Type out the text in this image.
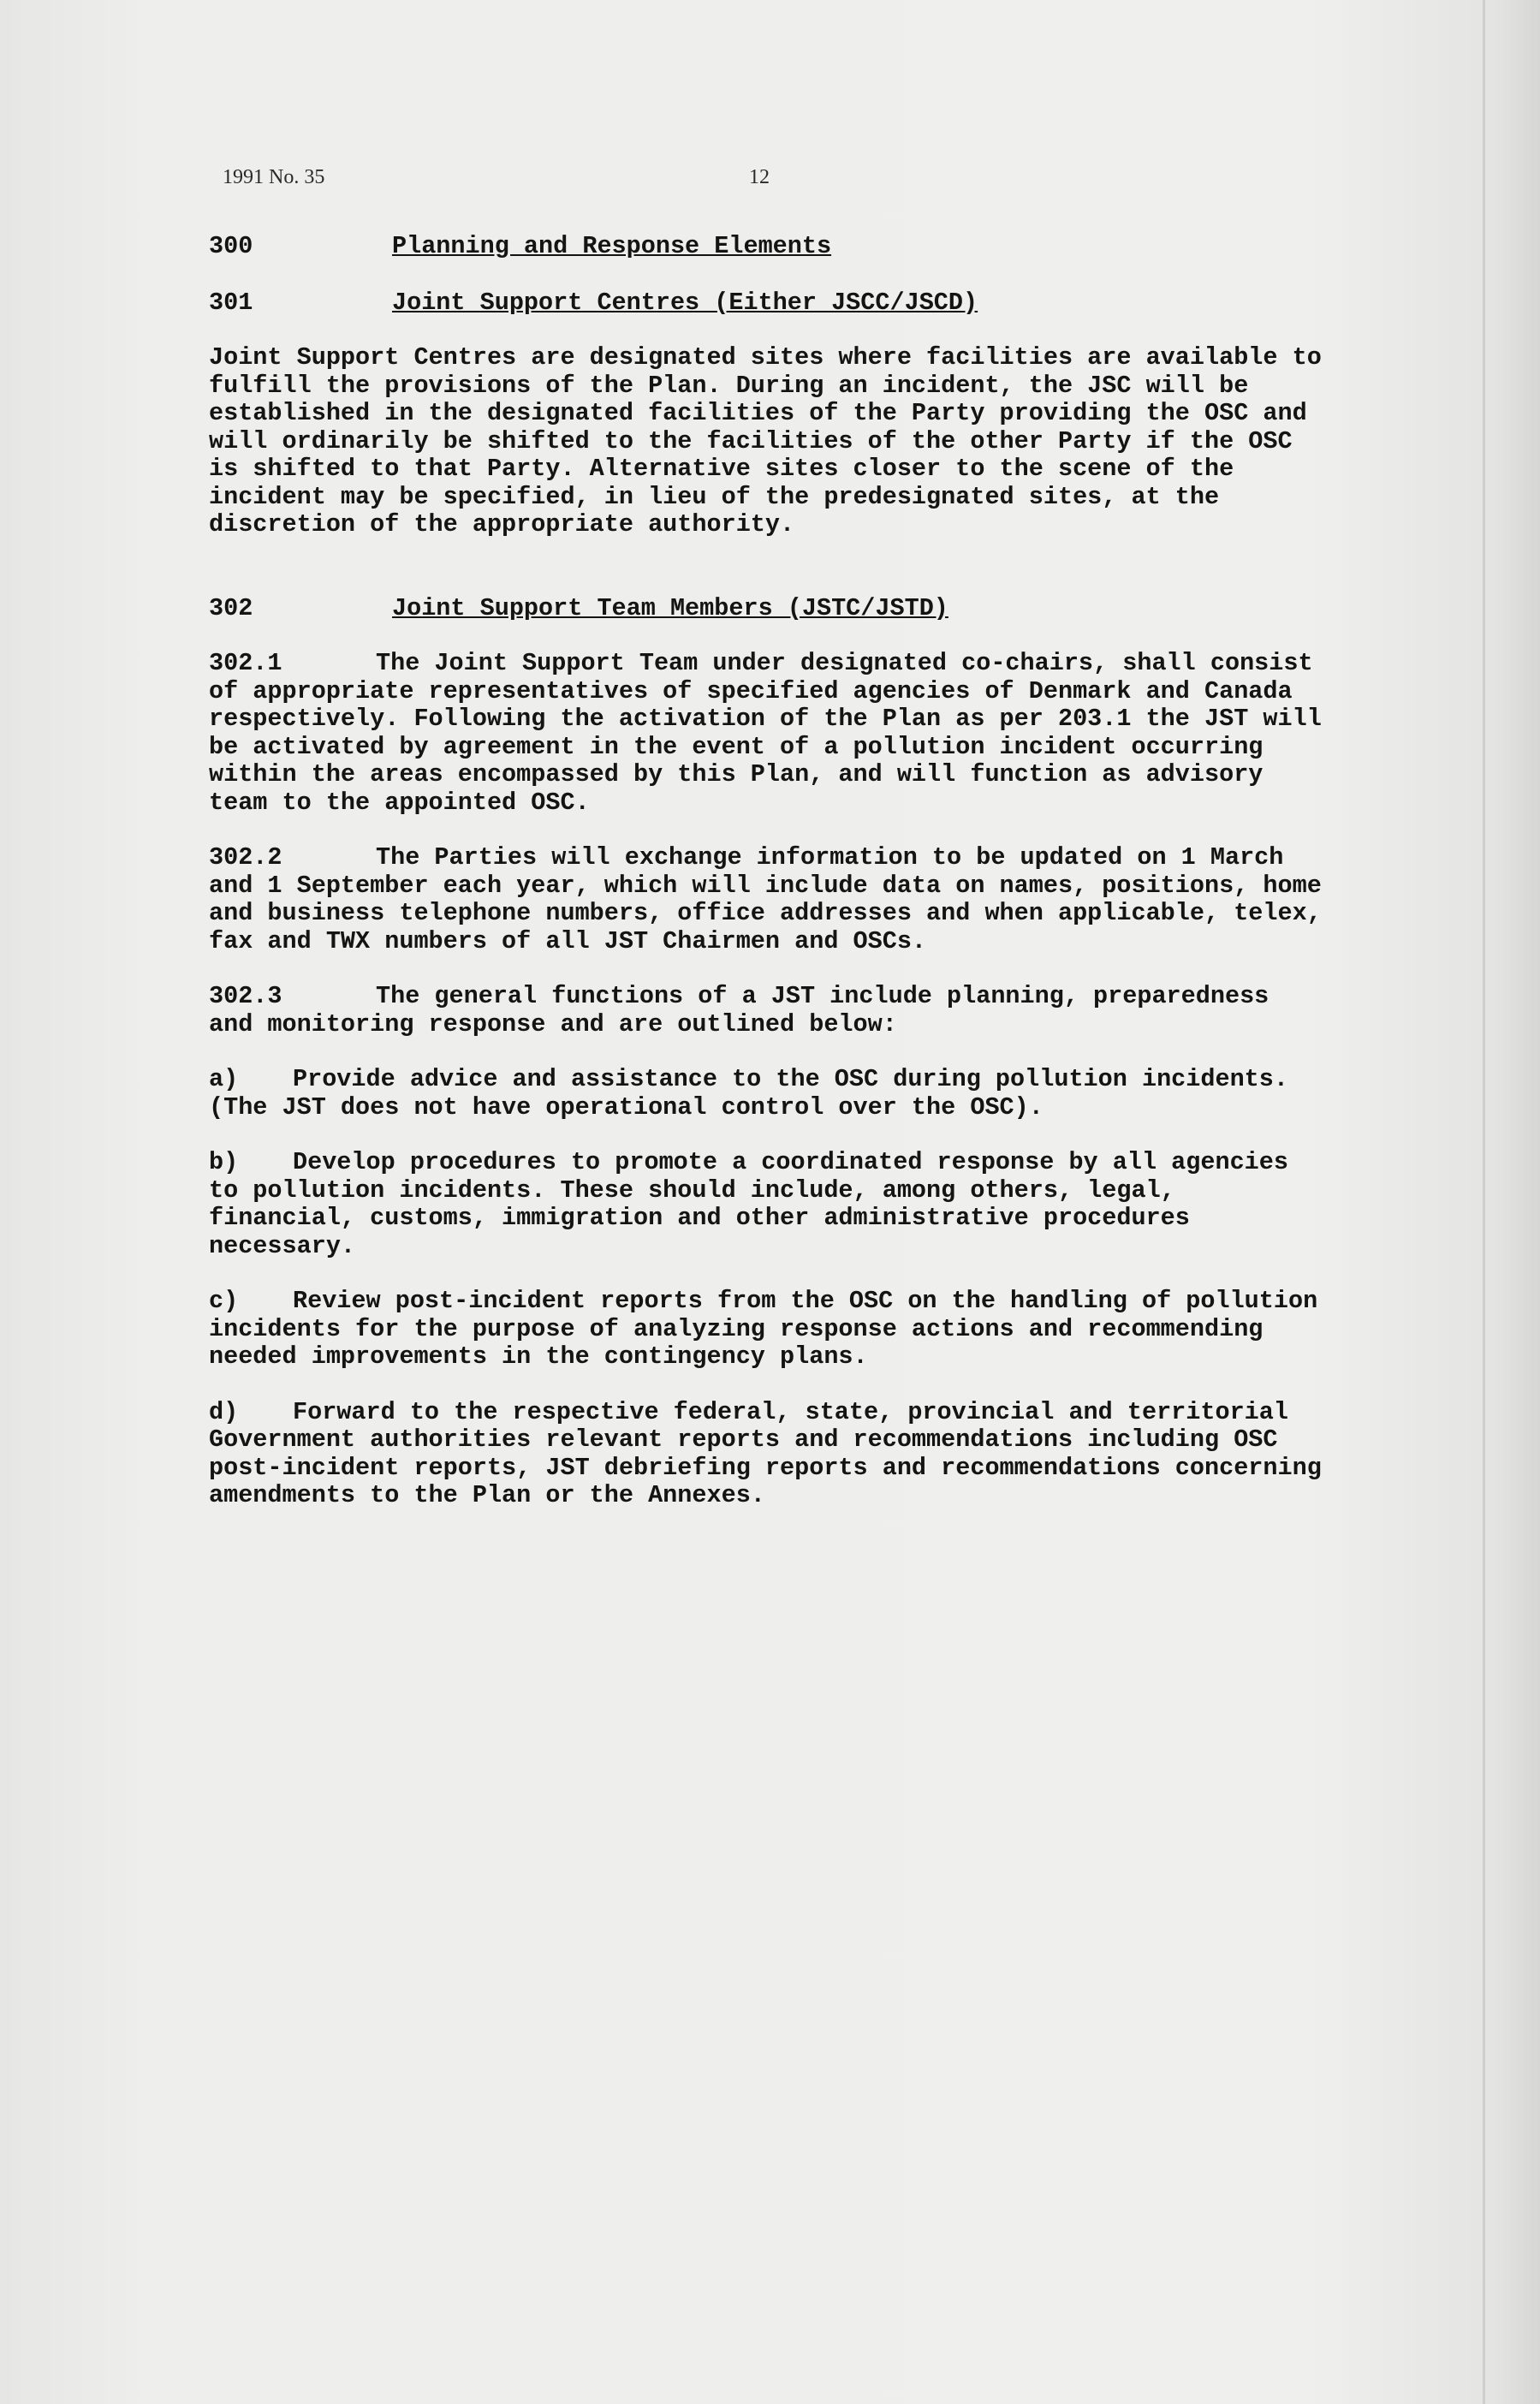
1991 No. 35	12
300	Planning and Response Elements
301	Joint Support Centres (Either JSCC/JSCD)

Joint Support Centres are designated sites where facilities are available to fulfill the provisions of the Plan. During an incident, the JSC will be established in the designated facilities of the Party providing the OSC and will ordinarily be shifted to the facilities of the other Party if the OSC is shifted to that Party. Alternative sites closer to the scene of the incident may be specified, in lieu of the predesignated sites, at the discretion of the appropriate authority.

302	Joint Support Team Members (JSTC/JSTD)

302.1	The Joint Support Team under designated co-chairs, shall consist of appropriate representatives of specified agencies of Denmark and Canada respectively. Following the activation of the Plan as per 203.1 the JST will be activated by agreement in the event of a pollution incident occurring within the areas encompassed by this Plan, and will function as advisory team to the appointed OSC.

302.2	The Parties will exchange information to be updated on 1 March and 1 September each year, which will include data on names, positions, home and business telephone numbers, office addresses and when applicable, telex, fax and TWX numbers of all JST Chairmen and OSCs.

302.3	The general functions of a JST include planning, preparedness and monitoring response and are outlined below:

a) Provide advice and assistance to the OSC during pollution incidents. (The JST does not have operational control over the OSC).

b) Develop procedures to promote a coordinated response by all agencies to pollution incidents. These should include, among others, legal, financial, customs, immigration and other administrative procedures necessary.

c) Review post-incident reports from the OSC on the handling of pollution incidents for the purpose of analyzing response actions and recommending needed improvements in the contingency plans.

d) Forward to the respective federal, state, provincial and territorial Government authorities relevant reports and recommendations including OSC post-incident reports, JST debriefing reports and recommendations concerning amendments to the Plan or the Annexes.
